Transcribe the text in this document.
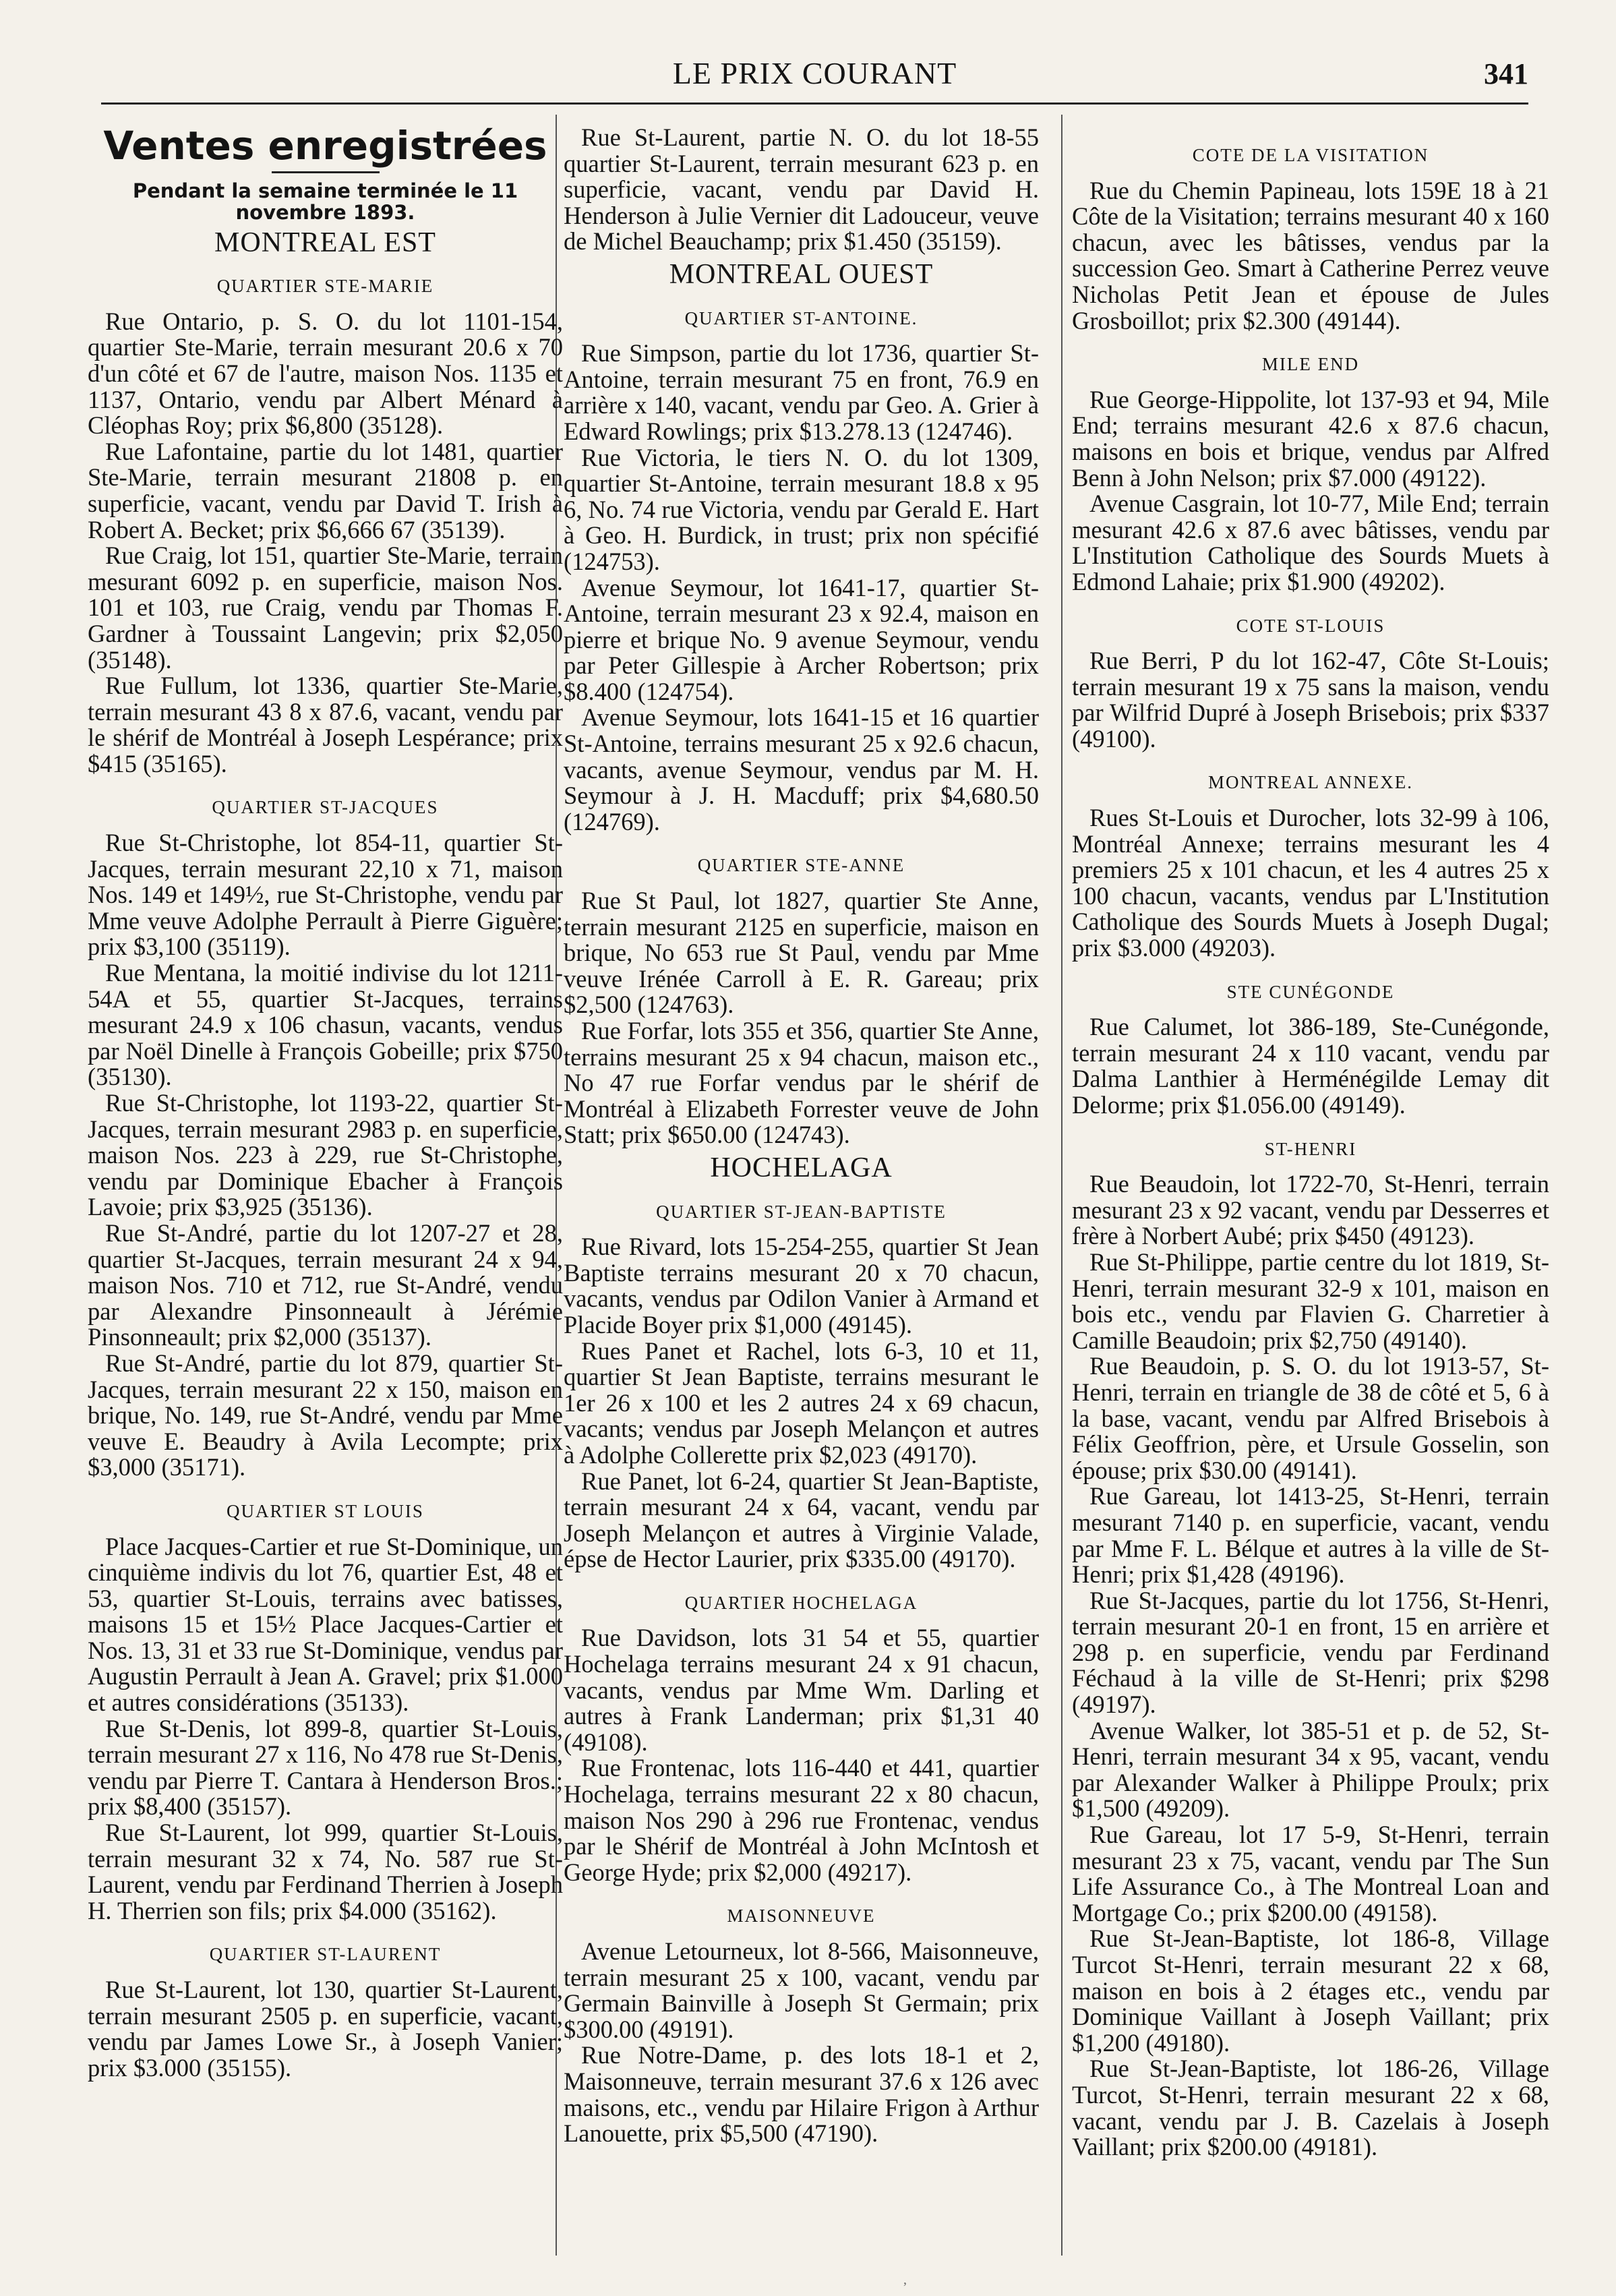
LE PRIX COURANT	341
Ventes enregistrées
Pendant la semaine terminée le 11 novembre 1893.
MONTREAL EST
QUARTIER STE-MARIE

Rue Ontario, p. S. O. du lot 1101-154, quartier Ste-Marie, terrain mesurant 20.6 x 70 d'un côté et 67 de l'autre, maison Nos. 1135 et 1137, Ontario, vendu par Albert Ménard à Cléophas Roy; prix $6,800 (35128).

Rue Lafontaine, partie du lot 1481, quartier Ste-Marie, terrain mesurant 21808 p. en superficie, vacant, vendu par David T. Irish à Robert A. Becket; prix $6,666 67 (35139).

Rue Craig, lot 151, quartier Ste-Marie, terrain mesurant 6092 p. en superficie, maison Nos. 101 et 103, rue Craig, vendu par Thomas F. Gardner à Toussaint Langevin; prix $2,050 (35148).

Rue Fullum, lot 1336, quartier Ste-Marie, terrain mesurant 43 8 x 87.6, vacant, vendu par le shérif de Montréal à Joseph Lespérance; prix $415 (35165).

QUARTIER ST-JACQUES

Rue St-Christophe, lot 854-11, quartier St-Jacques, terrain mesurant 22,10 x 71, maison Nos. 149 et 149½, rue St-Christophe, vendu par Mme veuve Adolphe Perrault à Pierre Giguère; prix $3,100 (35119).

Rue Mentana, la moitié indivise du lot 1211-54A et 55, quartier St-Jacques, terrains mesurant 24.9 x 106 chasun, vacants, vendus par Noël Dinelle à François Gobeille; prix $750 (35130).

Rue St-Christophe, lot 1193-22, quartier St-Jacques, terrain mesurant 2983 p. en superficie, maison Nos. 223 à 229, rue St-Christophe, vendu par Dominique Ebacher à François Lavoie; prix $3,925 (35136).

Rue St-André, partie du lot 1207-27 et 28, quartier St-Jacques, terrain mesurant 24 x 94, maison Nos. 710 et 712, rue St-André, vendu par Alexandre Pinsonneault à Jérémie Pinsonneault; prix $2,000 (35137).

Rue St-André, partie du lot 879, quartier St-Jacques, terrain mesurant 22 x 150, maison en brique, No. 149, rue St-André, vendu par Mme veuve E. Beaudry à Avila Lecompte; prix $3,000 (35171).

QUARTIER ST LOUIS

Place Jacques-Cartier et rue St-Dominique, un cinquième indivis du lot 76, quartier Est, 48 et 53, quartier St-Louis, terrains avec batisses, maisons 15 et 15½ Place Jacques-Cartier et Nos. 13, 31 et 33 rue St-Dominique, vendus par Augustin Perrault à Jean A. Gravel; prix $1.000 et autres considérations (35133).

Rue St-Denis, lot 899-8, quartier St-Louis, terrain mesurant 27 x 116, No 478 rue St-Denis, vendu par Pierre T. Cantara à Henderson Bros.; prix $8,400 (35157).

Rue St-Laurent, lot 999, quartier St-Louis, terrain mesurant 32 x 74, No. 587 rue St-Laurent, vendu par Ferdinand Therrien à Joseph H. Therrien son fils; prix $4.000 (35162).

QUARTIER ST-LAURENT

Rue St-Laurent, lot 130, quartier St-Laurent, terrain mesurant 2505 p. en superficie, vacant, vendu par James Lowe Sr., à Joseph Vanier; prix $3.000 (35155).

Rue St-Laurent, partie N. O. du lot 18-55 quartier St-Laurent, terrain mesurant 623 p. en superficie, vacant, vendu par David H. Henderson à Julie Vernier dit Ladouceur, veuve de Michel Beauchamp; prix $1.450 (35159).

MONTREAL OUEST
QUARTIER ST-ANTOINE.

Rue Simpson, partie du lot 1736, quartier St-Antoine, terrain mesurant 75 en front, 76.9 en arrière x 140, vacant, vendu par Geo. A. Grier à Edward Rowlings; prix $13.278.13 (124746).

Rue Victoria, le tiers N. O. du lot 1309, quartier St-Antoine, terrain mesurant 18.8 x 95 6, No. 74 rue Victoria, vendu par Gerald E. Hart à Geo. H. Burdick, in trust; prix non spécifié (124753).

Avenue Seymour, lot 1641-17, quartier St-Antoine, terrain mesurant 23 x 92.4, maison en pierre et brique No. 9 avenue Seymour, vendu par Peter Gillespie à Archer Robertson; prix $8.400 (124754).

Avenue Seymour, lots 1641-15 et 16 quartier St-Antoine, terrains mesurant 25 x 92.6 chacun, vacants, avenue Seymour, vendus par M. H. Seymour à J. H. Macduff; prix $4,680.50 (124769).

QUARTIER STE-ANNE

Rue St Paul, lot 1827, quartier Ste Anne, terrain mesurant 2125 en superficie, maison en brique, No 653 rue St Paul, vendu par Mme veuve Irénée Carroll à E. R. Gareau; prix $2,500 (124763).

Rue Forfar, lots 355 et 356, quartier Ste Anne, terrains mesurant 25 x 94 chacun, maison etc., No 47 rue Forfar vendus par le shérif de Montréal à Elizabeth Forrester veuve de John Statt; prix $650.00 (124743).

HOCHELAGA
QUARTIER ST-JEAN-BAPTISTE

Rue Rivard, lots 15-254-255, quartier St Jean Baptiste terrains mesurant 20 x 70 chacun, vacants, vendus par Odilon Vanier à Armand et Placide Boyer prix $1,000 (49145).

Rues Panet et Rachel, lots 6-3, 10 et 11, quartier St Jean Baptiste, terrains mesurant le 1er 26 x 100 et les 2 autres 24 x 69 chacun, vacants; vendus par Joseph Melançon et autres à Adolphe Collerette prix $2,023 (49170).

Rue Panet, lot 6-24, quartier St Jean-Baptiste, terrain mesurant 24 x 64, vacant, vendu par Joseph Melançon et autres à Virginie Valade, épse de Hector Laurier, prix $335.00 (49170).

QUARTIER HOCHELAGA

Rue Davidson, lots 31 54 et 55, quartier Hochelaga terrains mesurant 24 x 91 chacun, vacants, vendus par Mme Wm. Darling et autres à Frank Landerman; prix $1,31 40 (49108).

Rue Frontenac, lots 116-440 et 441, quartier Hochelaga, terrains mesurant 22 x 80 chacun, maison Nos 290 à 296 rue Frontenac, vendus par le Shérif de Montréal à John McIntosh et George Hyde; prix $2,000 (49217).

MAISONNEUVE

Avenue Letourneux, lot 8-566, Maisonneuve, terrain mesurant 25 x 100, vacant, vendu par Germain Bainville à Joseph St Germain; prix $300.00 (49191).

Rue Notre-Dame, p. des lots 18-1 et 2, Maisonneuve, terrain mesurant 37.6 x 126 avec maisons, etc., vendu par Hilaire Frigon à Arthur Lanouette, prix $5,500 (47190).

COTE DE LA VISITATION

Rue du Chemin Papineau, lots 159E 18 à 21 Côte de la Visitation; terrains mesurant 40 x 160 chacun, avec les bâtisses, vendus par la succession Geo. Smart à Catherine Perrez veuve Nicholas Petit Jean et épouse de Jules Grosboillot; prix $2.300 (49144).

MILE END

Rue George-Hippolite, lot 137-93 et 94, Mile End; terrains mesurant 42.6 x 87.6 chacun, maisons en bois et brique, vendus par Alfred Benn à John Nelson; prix $7.000 (49122).

Avenue Casgrain, lot 10-77, Mile End; terrain mesurant 42.6 x 87.6 avec bâtisses, vendu par L'Institution Catholique des Sourds Muets à Edmond Lahaie; prix $1.900 (49202).

COTE ST-LOUIS

Rue Berri, P du lot 162-47, Côte St-Louis; terrain mesurant 19 x 75 sans la maison, vendu par Wilfrid Dupré à Joseph Brisebois; prix $337 (49100).

MONTREAL ANNEXE.

Rues St-Louis et Durocher, lots 32-99 à 106, Montréal Annexe; terrains mesurant les 4 premiers 25 x 101 chacun, et les 4 autres 25 x 100 chacun, vacants, vendus par L'Institution Catholique des Sourds Muets à Joseph Dugal; prix $3.000 (49203).

STE CUNÉGONDE

Rue Calumet, lot 386-189, Ste-Cunégonde, terrain mesurant 24 x 110 vacant, vendu par Dalma Lanthier à Herménégilde Lemay dit Delorme; prix $1.056.00 (49149).

ST-HENRI

Rue Beaudoin, lot 1722-70, St-Henri, terrain mesurant 23 x 92 vacant, vendu par Desserres et frère à Norbert Aubé; prix $450 (49123).

Rue St-Philippe, partie centre du lot 1819, St-Henri, terrain mesurant 32-9 x 101, maison en bois etc., vendu par Flavien G. Charretier à Camille Beaudoin; prix $2,750 (49140).

Rue Beaudoin, p. S. O. du lot 1913-57, St-Henri, terrain en triangle de 38 de côté et 5, 6 à la base, vacant, vendu par Alfred Brisebois à Félix Geoffrion, père, et Ursule Gosselin, son épouse; prix $30.00 (49141).

Rue Gareau, lot 1413-25, St-Henri, terrain mesurant 7140 p. en superficie, vacant, vendu par Mme F. L. Bélque et autres à la ville de St-Henri; prix $1,428 (49196).

Rue St-Jacques, partie du lot 1756, St-Henri, terrain mesurant 20-1 en front, 15 en arrière et 298 p. en superficie, vendu par Ferdinand Féchaud à la ville de St-Henri; prix $298 (49197).

Avenue Walker, lot 385-51 et p. de 52, St-Henri, terrain mesurant 34 x 95, vacant, vendu par Alexander Walker à Philippe Proulx; prix $1,500 (49209).

Rue Gareau, lot 17 5-9, St-Henri, terrain mesurant 23 x 75, vacant, vendu par The Sun Life Assurance Co., à The Montreal Loan and Mortgage Co.; prix $200.00 (49158).

Rue St-Jean-Baptiste, lot 186-8, Village Turcot St-Henri, terrain mesurant 22 x 68, maison en bois à 2 étages etc., vendu par Dominique Vaillant à Joseph Vaillant; prix $1,200 (49180).

Rue St-Jean-Baptiste, lot 186-26, Village Turcot, St-Henri, terrain mesurant 22 x 68, vacant, vendu par J. B. Cazelais à Joseph Vaillant; prix $200.00 (49181).

,
